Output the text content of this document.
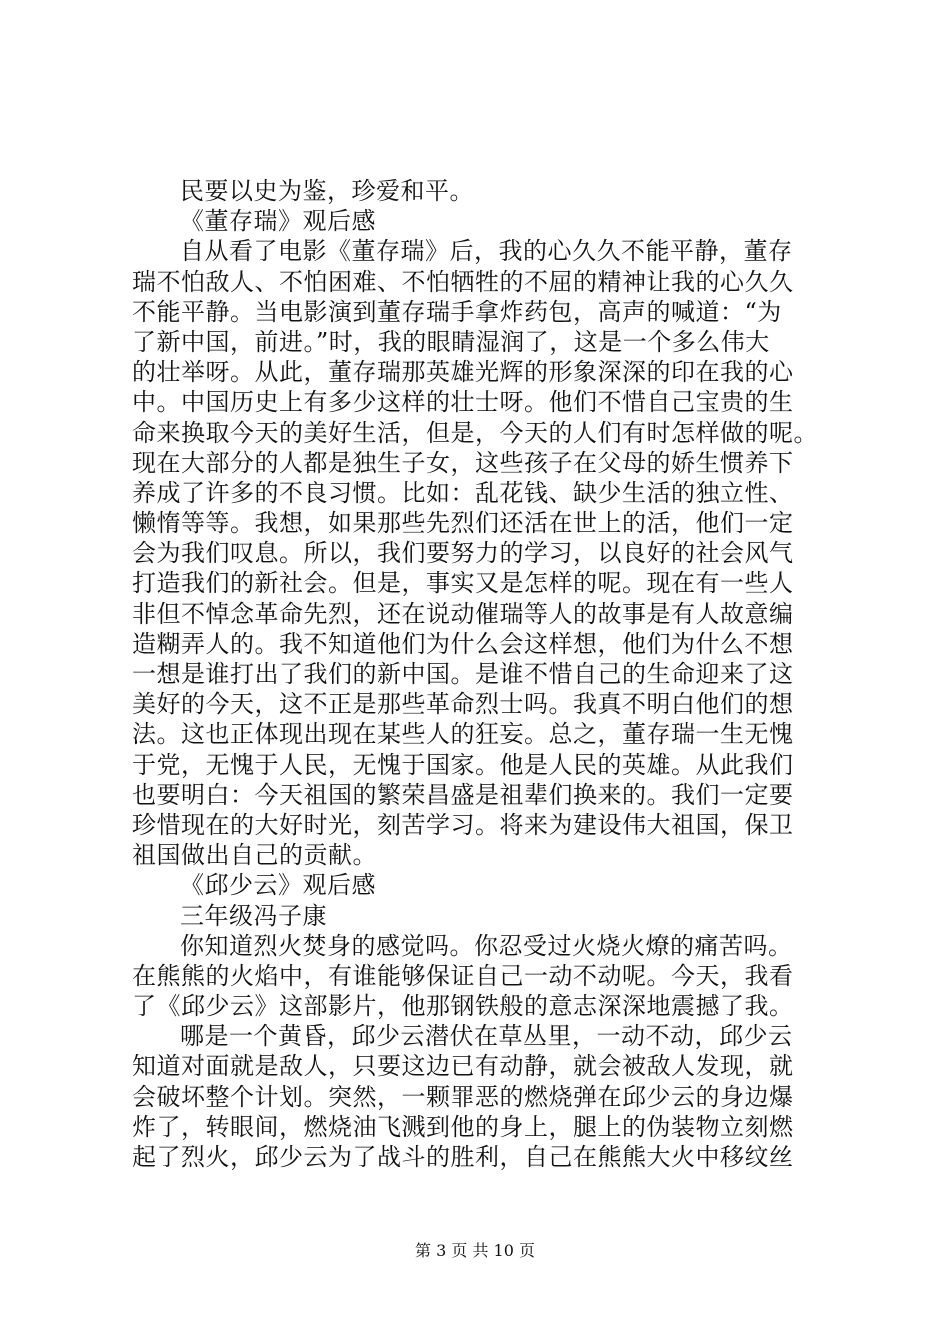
民要以史为鉴，珍爱和平。
《董存瑞》观后感
自从看了电影《董存瑞》后，我的心久久不能平静，董存
瑞不怕敌人、不怕困难、不怕牺牲的不屈的精神让我的心久久
不能平静。当电影演到董存瑞手拿炸药包，高声的喊道：“为
了新中国，前进。”时，我的眼睛湿润了，这是一个多么伟大
的壮举呀。从此，董存瑞那英雄光辉的形象深深的印在我的心
中。中国历史上有多少这样的壮士呀。他们不惜自己宝贵的生
命来换取今天的美好生活，但是，今天的人们有时怎样做的呢。
现在大部分的人都是独生子女，这些孩子在父母的娇生惯养下
养成了许多的不良习惯。比如：乱花钱、缺少生活的独立性、
懒惰等等。我想，如果那些先烈们还活在世上的活，他们一定
会为我们叹息。所以，我们要努力的学习，以良好的社会风气
打造我们的新社会。但是，事实又是怎样的呢。现在有一些人
非但不悼念革命先烈，还在说动催瑞等人的故事是有人故意编
造糊弄人的。我不知道他们为什么会这样想，他们为什么不想
一想是谁打出了我们的新中国。是谁不惜自己的生命迎来了这
美好的今天，这不正是那些革命烈士吗。我真不明白他们的想
法。这也正体现出现在某些人的狂妄。总之，董存瑞一生无愧
于党，无愧于人民，无愧于国家。他是人民的英雄。从此我们
也要明白：今天祖国的繁荣昌盛是祖辈们换来的。我们一定要
珍惜现在的大好时光，刻苦学习。将来为建设伟大祖国，保卫
祖国做出自己的贡献。
《邱少云》观后感
三年级冯子康
你知道烈火焚身的感觉吗。你忍受过火烧火燎的痛苦吗。
在熊熊的火焰中，有谁能够保证自己一动不动呢。今天，我看
了《邱少云》这部影片，他那钢铁般的意志深深地震撼了我。
哪是一个黄昏，邱少云潜伏在草丛里，一动不动，邱少云
知道对面就是敌人，只要这边已有动静，就会被敌人发现，就
会破坏整个计划。突然，一颗罪恶的燃烧弹在邱少云的身边爆
炸了，转眼间，燃烧油飞溅到他的身上，腿上的伪装物立刻燃
起了烈火，邱少云为了战斗的胜利，自己在熊熊大火中移纹丝
第 3 页 共 10 页
